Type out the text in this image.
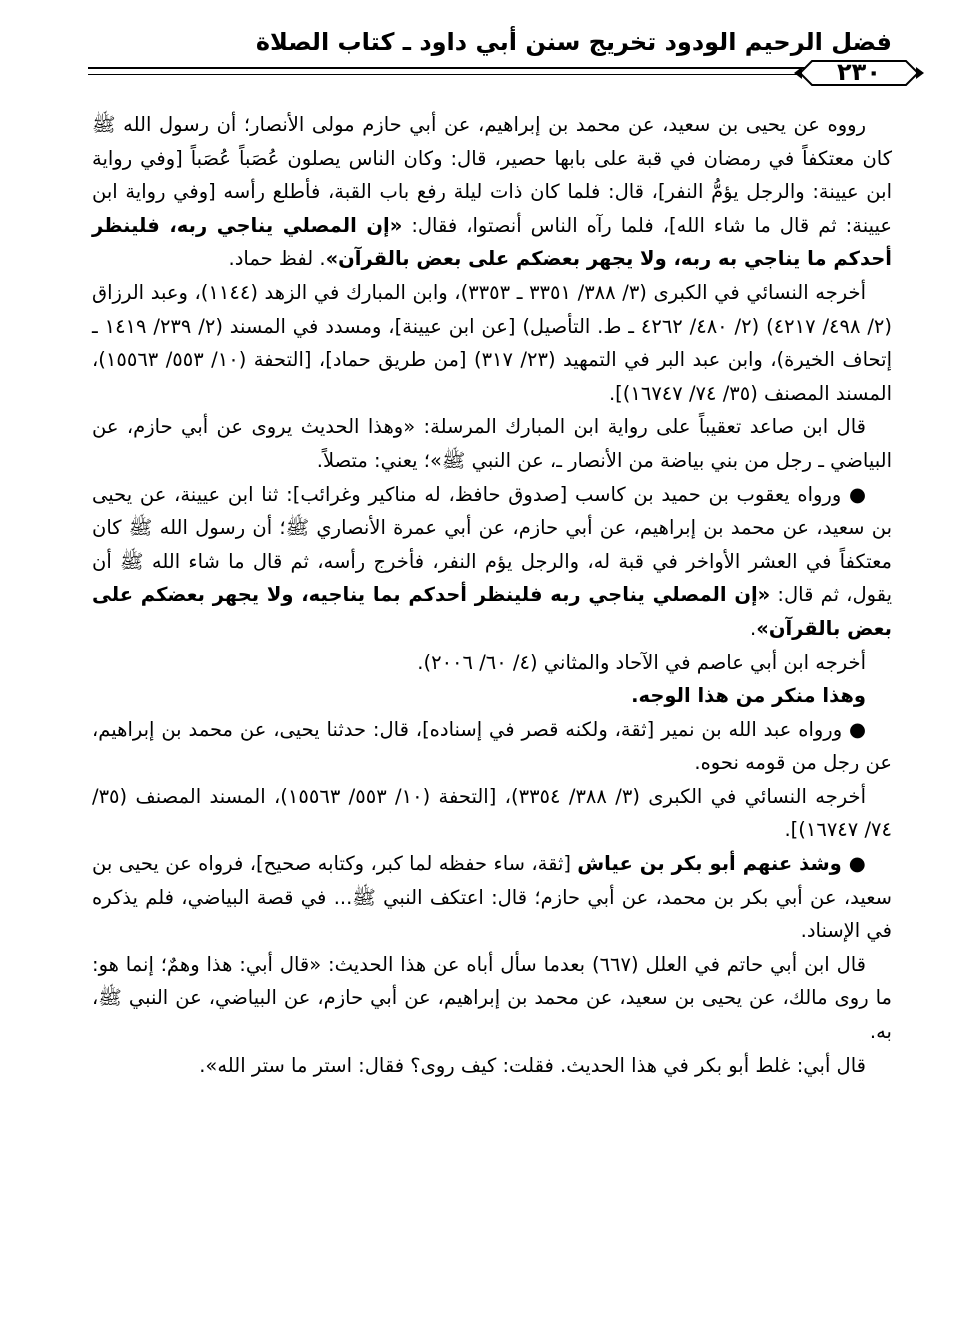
فضل الرحيم الودود تخريج سنن أبي داود ـ كتاب الصلاة
٢٣٠

رووه عن يحيى بن سعيد، عن محمد بن إبراهيم، عن أبي حازم مولى الأنصار؛ أن رسول الله ﷺ كان معتكفاً في رمضان في قبة على بابها حصير، قال: وكان الناس يصلون عُصَباً عُصَباً [وفي رواية ابن عيينة: والرجل يؤمُّ النفر]، قال: فلما كان ذات ليلة رفع باب القبة، فأطلع رأسه [وفي رواية ابن عيينة: ثم قال ما شاء الله]، فلما رآه الناس أنصتوا، فقال: «إن المصلي يناجي ربه، فلينظر أحدكم ما يناجي به ربه، ولا يجهر بعضكم على بعض بالقرآن». لفظ حماد.

أخرجه النسائي في الكبرى (٣/ ٣٨٨/ ٣٣٥١ ـ ٣٣٥٣)، وابن المبارك في الزهد (١١٤٤)، وعبد الرزاق (٢/ ٤٩٨/ ٤٢١٧) (٢/ ٤٨٠/ ٤٢٦٢ ـ ط. التأصيل) [عن ابن عيينة]، ومسدد في المسند (٢/ ٢٣٩/ ١٤١٩ ـ إتحاف الخيرة)، وابن عبد البر في التمهيد (٢٣/ ٣١٧) [من طريق حماد]، [التحفة (١٠/ ٥٥٣/ ١٥٥٦٣)، المسند المصنف (٣٥/ ٧٤/ ١٦٧٤٧)].

قال ابن صاعد تعقيباً على رواية ابن المبارك المرسلة: «وهذا الحديث يروى عن أبي حازم، عن البياضي ـ رجل من بني بياضة من الأنصار ـ، عن النبي ﷺ»؛ يعني: متصلاً.

● ورواه يعقوب بن حميد بن كاسب [صدوق حافظ، له مناكير وغرائب]: ثنا ابن عيينة، عن يحيى بن سعيد، عن محمد بن إبراهيم، عن أبي حازم، عن أبي عمرة الأنصاري ﷺ؛ أن رسول الله ﷺ كان معتكفاً في العشر الأواخر في قبة له، والرجل يؤم النفر، فأخرج رأسه، ثم قال ما شاء الله ﷺ أن يقول، ثم قال: «إن المصلي يناجي ربه فلينظر أحدكم بما يناجيه، ولا يجهر بعضكم على بعض بالقرآن».

أخرجه ابن أبي عاصم في الآحاد والمثاني (٤/ ٦٠/ ٢٠٠٦).

وهذا منكر من هذا الوجه.

● ورواه عبد الله بن نمير [ثقة، ولكنه قصر في إسناده]، قال: حدثنا يحيى، عن محمد بن إبراهيم، عن رجل من قومه نحوه.

أخرجه النسائي في الكبرى (٣/ ٣٨٨/ ٣٣٥٤)، [التحفة (١٠/ ٥٥٣/ ١٥٥٦٣)، المسند المصنف (٣٥/ ٧٤/ ١٦٧٤٧)].

● وشذ عنهم أبو بكر بن عياش [ثقة، ساء حفظه لما كبر، وكتابه صحيح]، فرواه عن يحيى بن سعيد، عن أبي بكر بن محمد، عن أبي حازم؛ قال: اعتكف النبي ﷺ... في قصة البياضي، فلم يذكره في الإسناد.

قال ابن أبي حاتم في العلل (٦٦٧) بعدما سأل أباه عن هذا الحديث: «قال أبي: هذا وهمٌ؛ إنما هو: ما روى مالك، عن يحيى بن سعيد، عن محمد بن إبراهيم، عن أبي حازم، عن البياضي، عن النبي ﷺ، به.

قال أبي: غلط أبو بكر في هذا الحديث. فقلت: كيف روى؟ فقال: استر ما ستر الله».
